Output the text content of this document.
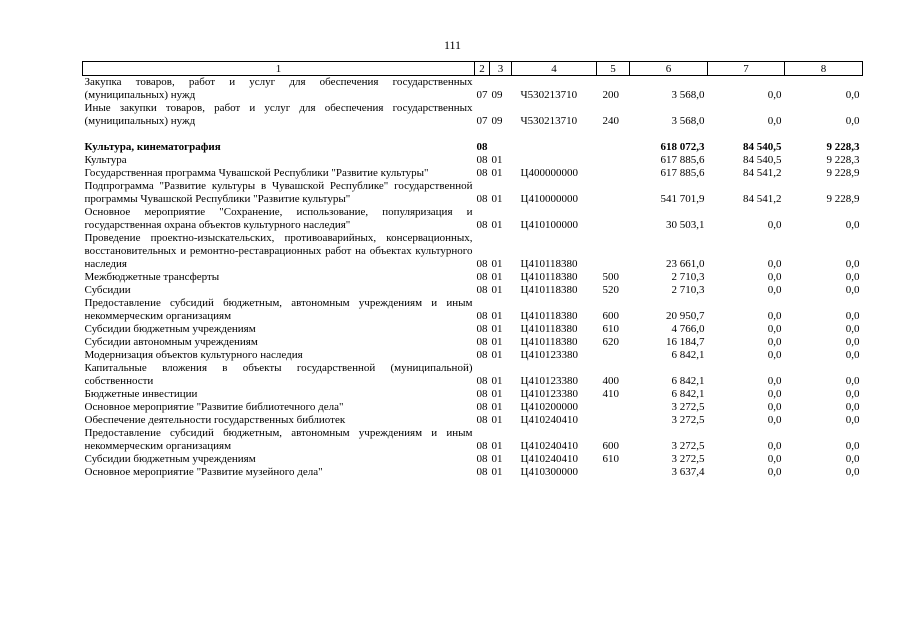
111
1	2	3	4	5	6	7	8
Закупка товаров, работ и услуг для обеспечения государственных (муниципальных) нужд	07	09	Ч530213710	200	3 568,0	0,0	0,0
Иные закупки товаров, работ и услуг для обеспечения государственных (муниципальных) нужд	07	09	Ч530213710	240	3 568,0	0,0	0,0

Культура, кинематография	08				618 072,3	84 540,5	9 228,3
Культура	08	01			617 885,6	84 540,5	9 228,3
Государственная программа Чувашской Республики "Развитие культуры"	08	01	Ц400000000		617 885,6	84 541,2	9 228,9
Подпрограмма "Развитие культуры в Чувашской Республике" государственной программы Чувашской Республики "Развитие культуры"	08	01	Ц410000000		541 701,9	84 541,2	9 228,9
Основное мероприятие "Сохранение, использование, популяризация и государственная охрана объектов культурного наследия"	08	01	Ц410100000		30 503,1	0,0	0,0
Проведение проектно-изыскательских, противоаварийных, консервационных, восстановительных и ремонтно-реставрационных работ на объектах культурного наследия	08	01	Ц410118380		23 661,0	0,0	0,0
Межбюджетные трансферты	08	01	Ц410118380	500	2 710,3	0,0	0,0
Субсидии	08	01	Ц410118380	520	2 710,3	0,0	0,0
Предоставление субсидий бюджетным, автономным учреждениям и иным некоммерческим организациям	08	01	Ц410118380	600	20 950,7	0,0	0,0
Субсидии бюджетным учреждениям	08	01	Ц410118380	610	4 766,0	0,0	0,0
Субсидии автономным учреждениям	08	01	Ц410118380	620	16 184,7	0,0	0,0
Модернизация объектов культурного наследия	08	01	Ц410123380		6 842,1	0,0	0,0
Капитальные вложения в объекты государственной (муниципальной) собственности	08	01	Ц410123380	400	6 842,1	0,0	0,0
Бюджетные инвестиции	08	01	Ц410123380	410	6 842,1	0,0	0,0
Основное мероприятие "Развитие библиотечного дела"	08	01	Ц410200000		3 272,5	0,0	0,0
Обеспечение деятельности государственных библиотек	08	01	Ц410240410		3 272,5	0,0	0,0
Предоставление субсидий бюджетным, автономным учреждениям и иным некоммерческим организациям	08	01	Ц410240410	600	3 272,5	0,0	0,0
Субсидии бюджетным учреждениям	08	01	Ц410240410	610	3 272,5	0,0	0,0
Основное мероприятие "Развитие музейного дела"	08	01	Ц410300000		3 637,4	0,0	0,0
